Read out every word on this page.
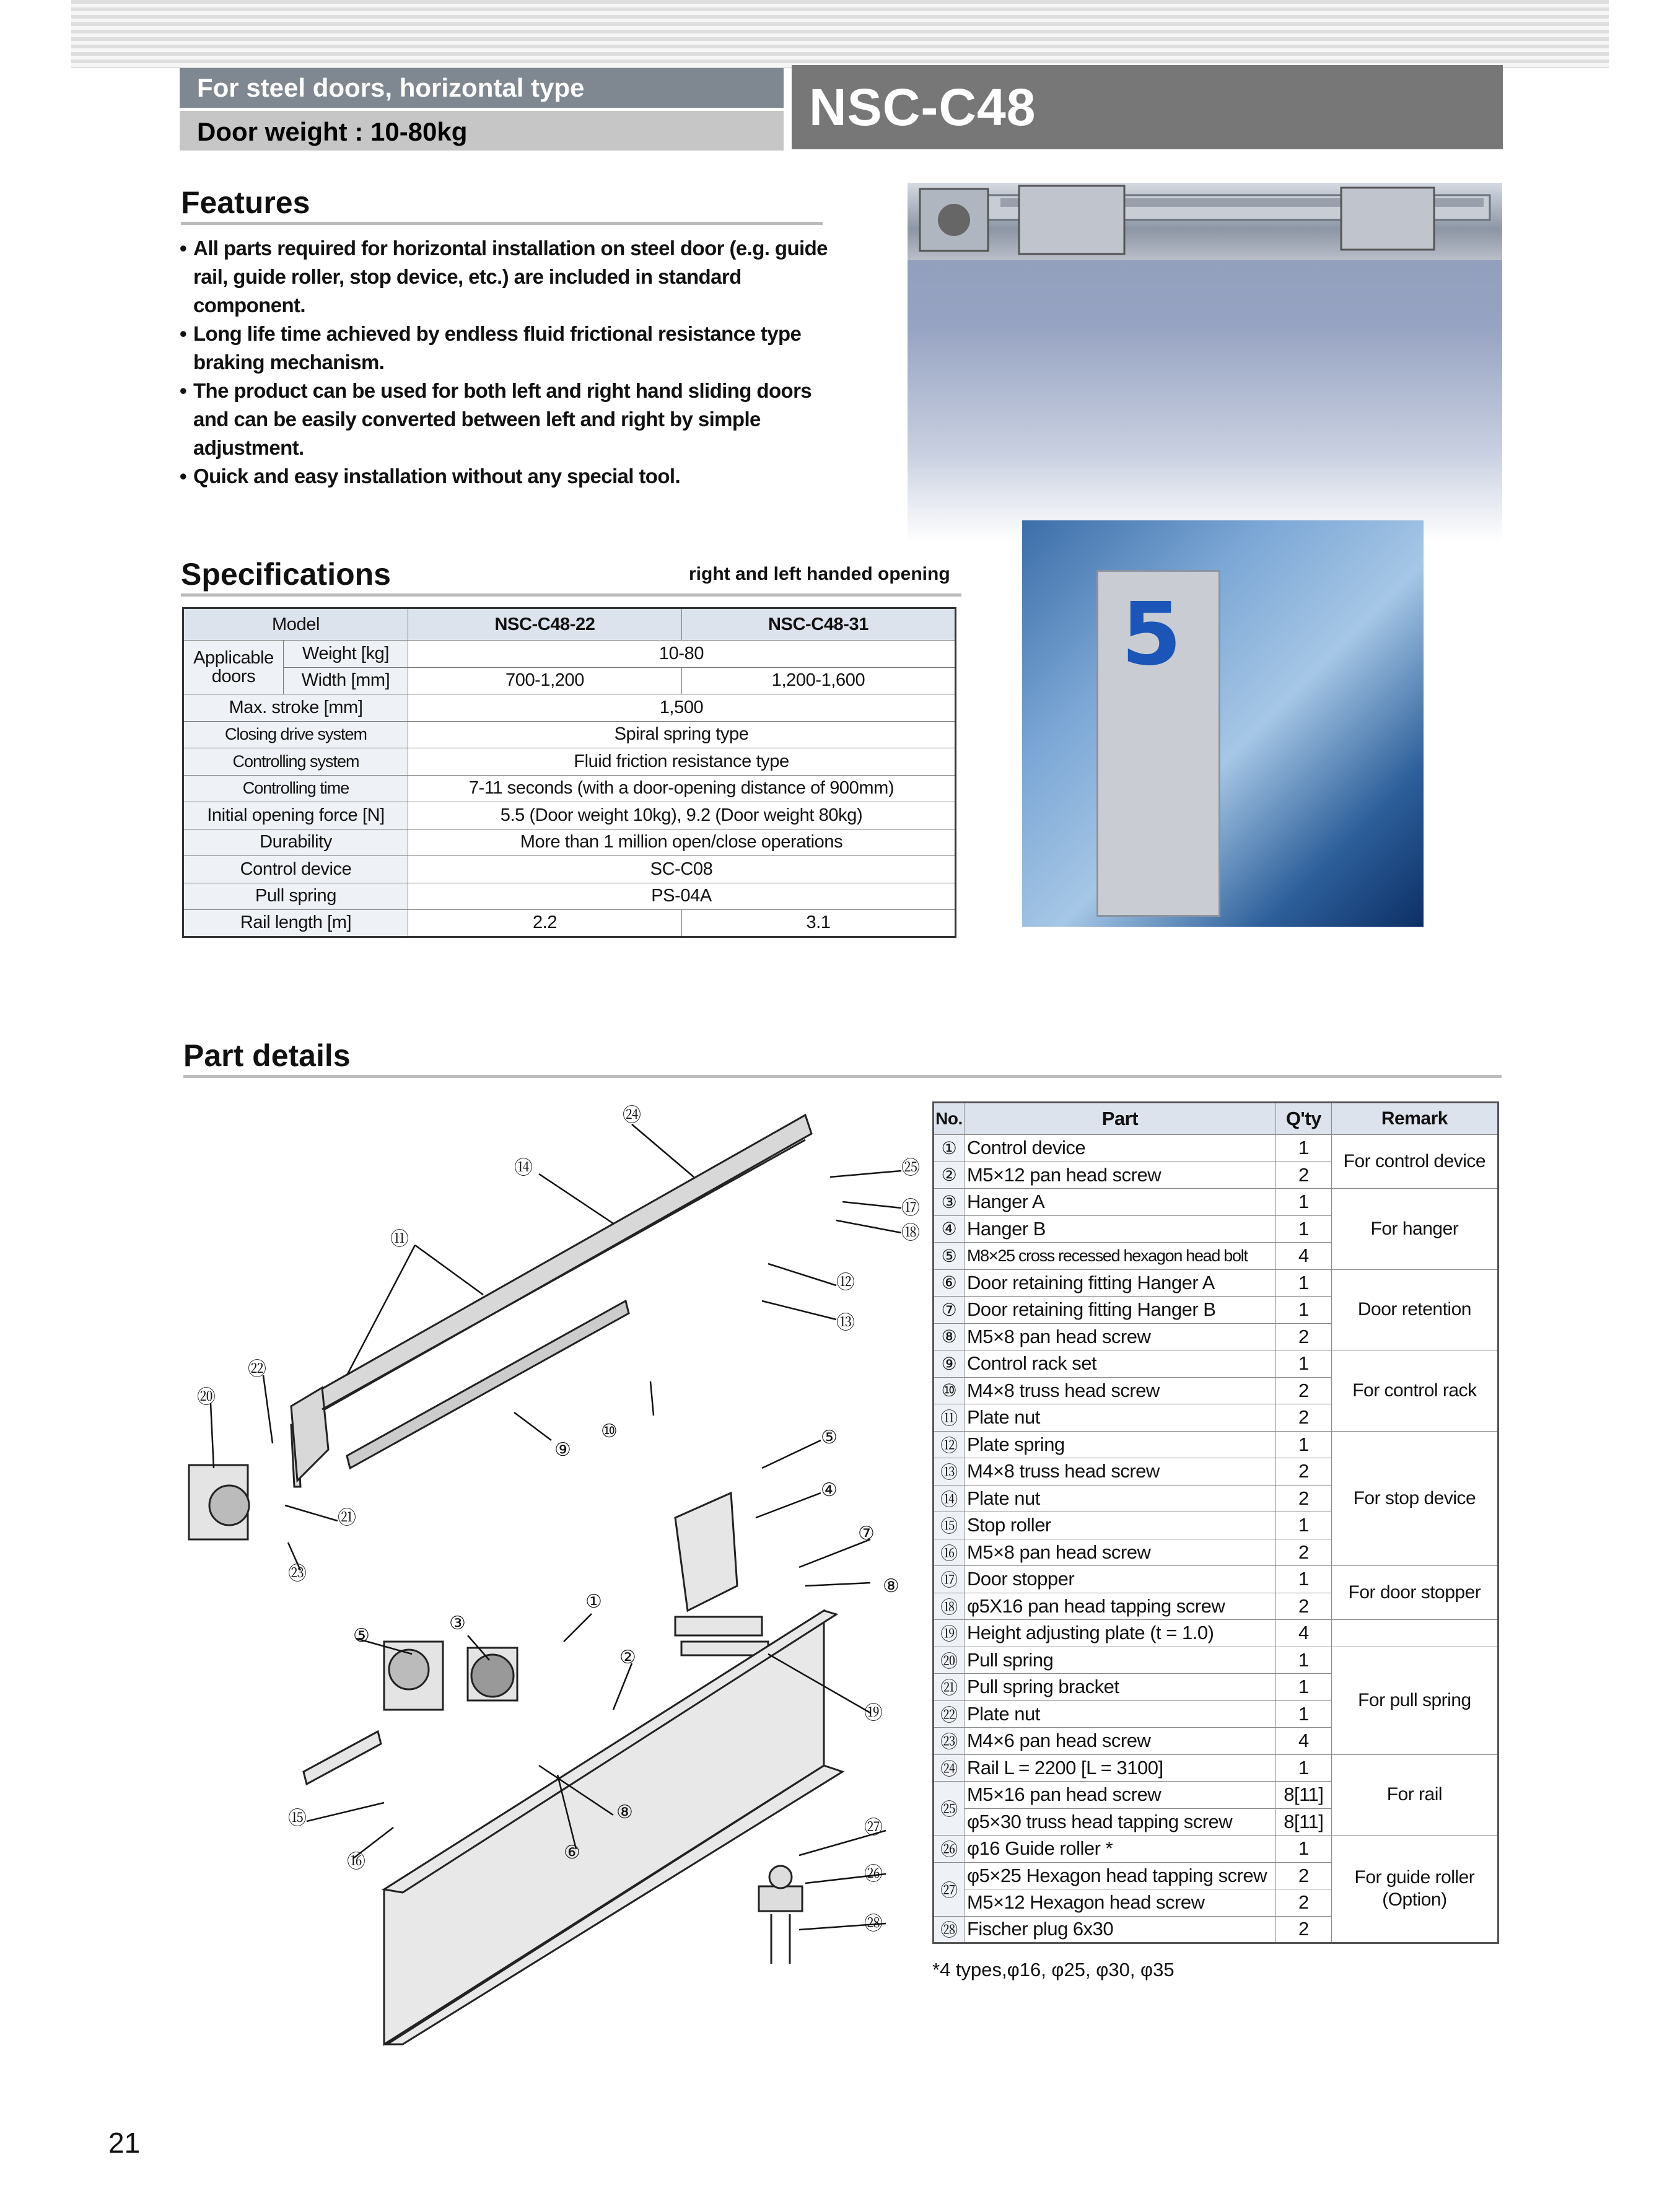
For steel doors, horizontal type
Door weight : 10-80kg	NSC-C48
Features
• All parts required for horizontal installation on steel door (e.g. guide rail, guide roller, stop device, etc.) are included in standard component.
• Long life time achieved by endless fluid frictional resistance type braking mechanism.
• The product can be used for both left and right hand sliding doors and can be easily converted between left and right by simple adjustment.
• Quick and easy installation without any special tool.
5
Specifications	right and left handed opening
Model		NSC-C48-22	NSC-C48-31
Applicable doors	Weight [kg]	10-80	
	Width [mm]	700-1,200	1,200-1,600
Max. stroke [mm]		1,500	
Closing drive system		Spiral spring type	
Controlling system		Fluid friction resistance type	
Controlling time		7-11 seconds (with a door-opening distance of 900mm)	
Initial opening force [N]		5.5 (Door weight 10kg), 9.2 (Door weight 80kg)	
Durability		More than 1 million open/close operations	
Control device		SC-C08	
Pull spring		PS-04A	
Rail length [m]		2.2	3.1
Part details
㉔
⑭	㉕
⑰
⑱
⑪
⑫
⑬
㉒
⑳
⑩
⑨
㉑
㉓
⑤
④
⑦
⑧
③
①
⑤
②
⑲
⑮
⑯
⑧
⑥
㉗
㉖
㉘
No.	Part	Q'ty	Remark
①	Control device	1	For control device
②	M5×12 pan head screw	2	
③	Hanger A	1	For hanger
④	Hanger B	1	
⑤	M8×25 cross recessed hexagon head bolt	4	
⑥	Door retaining fitting Hanger A	1	Door retention
⑦	Door retaining fitting Hanger B	1	
⑧	M5×8 pan head screw	2	
⑨	Control rack set	1	For control rack
⑩	M4×8 truss head screw	2	
⑪	Plate nut	2	
⑫	Plate spring	1	For stop device
⑬	M4×8 truss head screw	2	
⑭	Plate nut	2	
⑮	Stop roller	1	
⑯	M5×8 pan head screw	2	
⑰	Door stopper	1	For door stopper
⑱	φ5X16 pan head tapping screw	2	
⑲	Height adjusting plate (t = 1.0)	4	
⑳	Pull spring	1	For pull spring
㉑	Pull spring bracket	1	
㉒	Plate nut	1	
㉓	M4×6 pan head screw	4	
㉔	Rail L = 2200 [L = 3100]	1	For rail
㉕	M5×16 pan head screw	8[11]	
	φ5×30 truss head tapping screw	8[11]	
㉖	φ16 Guide roller *	1	For guide roller (Option)
㉗	φ5×25 Hexagon head tapping screw	2	
	M5×12 Hexagon head screw	2	
㉘	Fischer plug 6x30	2	
*4 types,φ16, φ25, φ30, φ35
21
